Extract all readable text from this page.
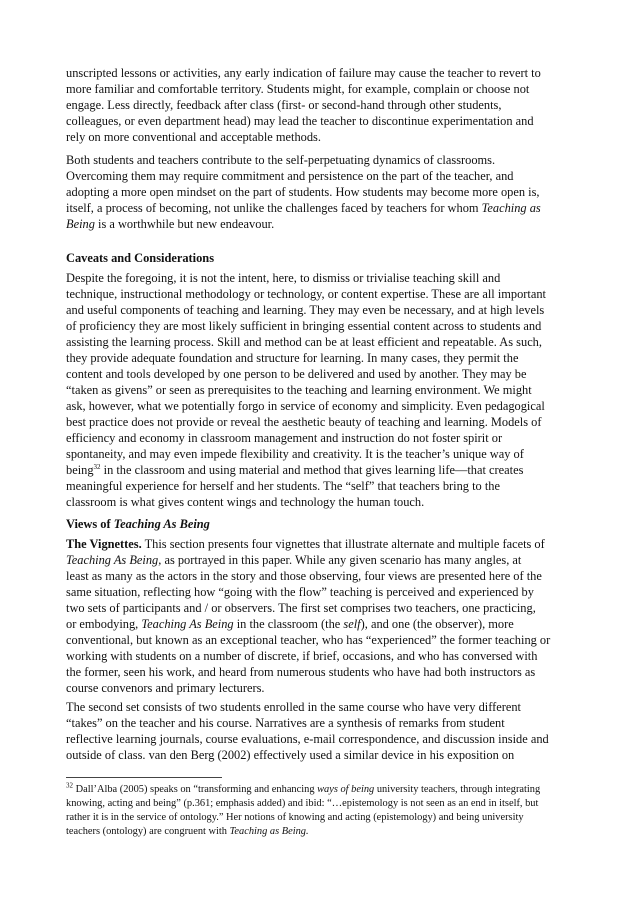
unscripted lessons or activities, any early indication of failure may cause the teacher to revert to
more familiar and comfortable territory. Students might, for example, complain or choose not
engage. Less directly, feedback after class (first- or second-hand through other students,
colleagues, or even department head) may lead the teacher to discontinue experimentation and
rely on more conventional and acceptable methods.
Both students and teachers contribute to the self-perpetuating dynamics of classrooms.
Overcoming them may require commitment and persistence on the part of the teacher, and
adopting a more open mindset on the part of students. How students may become more open is,
itself, a process of becoming, not unlike the challenges faced by teachers for whom Teaching as
Being is a worthwhile but new endeavour.
Caveats and Considerations
Despite the foregoing, it is not the intent, here, to dismiss or trivialise teaching skill and
technique, instructional methodology or technology, or content expertise. These are all important
and useful components of teaching and learning. They may even be necessary, and at high levels
of proficiency they are most likely sufficient in bringing essential content across to students and
assisting the learning process. Skill and method can be at least efficient and repeatable. As such,
they provide adequate foundation and structure for learning. In many cases, they permit the
content and tools developed by one person to be delivered and used by another. They may be
“taken as givens” or seen as prerequisites to the teaching and learning environment. We might
ask, however, what we potentially forgo in service of economy and simplicity. Even pedagogical
best practice does not provide or reveal the aesthetic beauty of teaching and learning. Models of
efficiency and economy in classroom management and instruction do not foster spirit or
spontaneity, and may even impede flexibility and creativity. It is the teacher’s unique way of
being$^{32}$ in the classroom and using material and method that gives learning life—that creates
meaningful experience for herself and her students. The “self” that teachers bring to the
classroom is what gives content wings and technology the human touch.
Views of Teaching As Being
The Vignettes. This section presents four vignettes that illustrate alternate and multiple facets of
Teaching As Being, as portrayed in this paper. While any given scenario has many angles, at
least as many as the actors in the story and those observing, four views are presented here of the
same situation, reflecting how “going with the flow” teaching is perceived and experienced by
two sets of participants and / or observers. The first set comprises two teachers, one practicing,
or embodying, Teaching As Being in the classroom (the self), and one (the observer), more
conventional, but known as an exceptional teacher, who has “experienced” the former teaching or
working with students on a number of discrete, if brief, occasions, and who has conversed with
the former, seen his work, and heard from numerous students who have had both instructors as
course convenors and primary lecturers.
The second set consists of two students enrolled in the same course who have very different
“takes” on the teacher and his course. Narratives are a synthesis of remarks from student
reflective learning journals, course evaluations, e-mail correspondence, and discussion inside and
outside of class. van den Berg (2002) effectively used a similar device in his exposition on
$^{32}$ Dall’Alba (2005) speaks on “transforming and enhancing ways of being university teachers, through integrating
knowing, acting and being” (p.361; emphasis added) and ibid: “…epistemology is not seen as an end in itself, but
rather it is in the service of ontology.” Her notions of knowing and acting (epistemology) and being university
teachers (ontology) are congruent with Teaching as Being.
